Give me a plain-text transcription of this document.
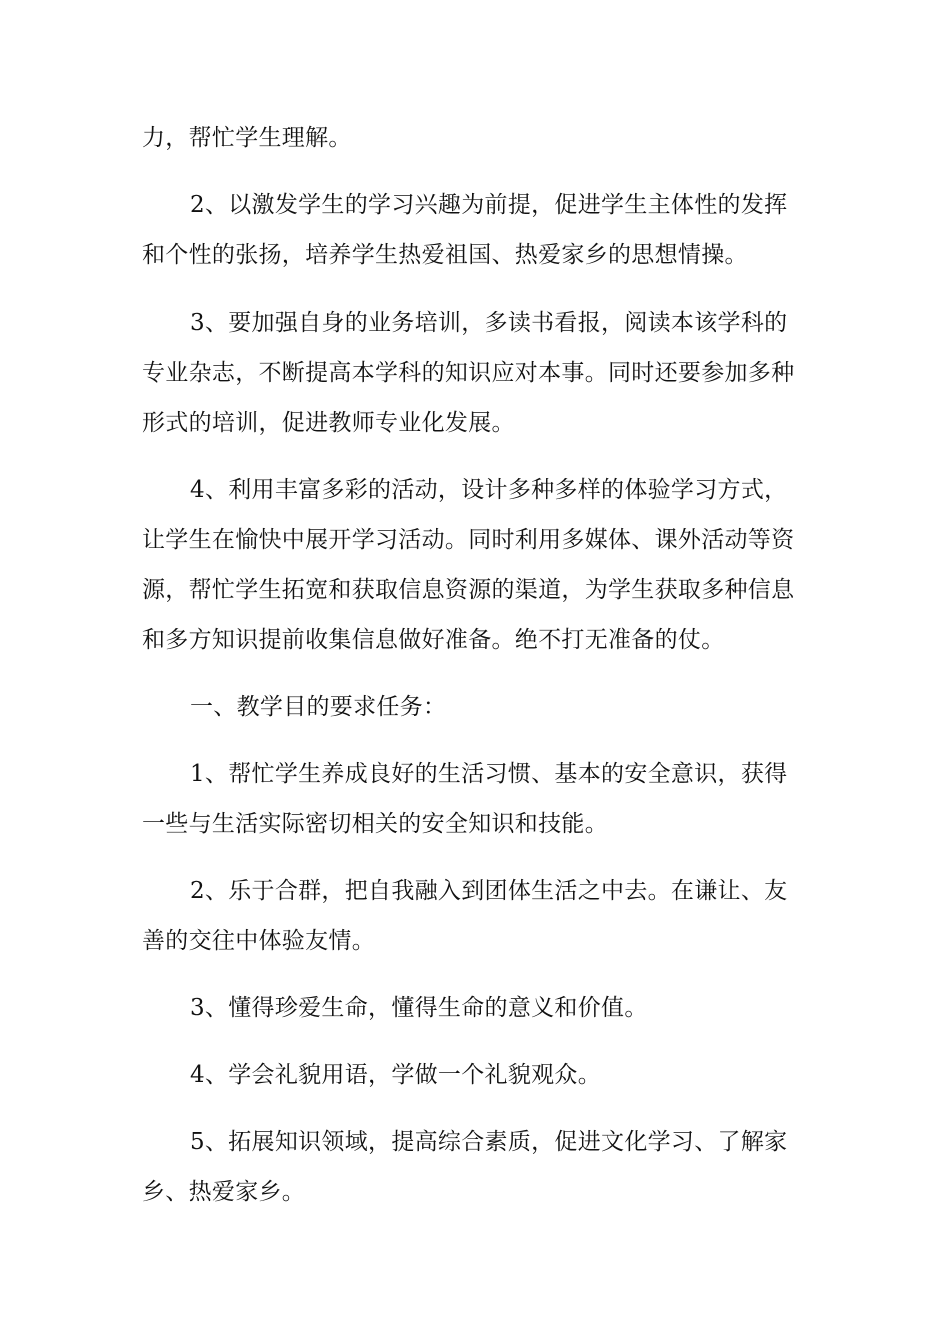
力，帮忙学生理解。
2、以激发学生的学习兴趣为前提，促进学生主体性的发挥
和个性的张扬，培养学生热爱祖国、热爱家乡的思想情操。
3、要加强自身的业务培训，多读书看报，阅读本该学科的
专业杂志，不断提高本学科的知识应对本事。同时还要参加多种
形式的培训，促进教师专业化发展。
4、利用丰富多彩的活动，设计多种多样的体验学习方式，
让学生在愉快中展开学习活动。同时利用多媒体、课外活动等资
源，帮忙学生拓宽和获取信息资源的渠道，为学生获取多种信息
和多方知识提前收集信息做好准备。绝不打无准备的仗。
一、教学目的要求任务：
1、帮忙学生养成良好的生活习惯、基本的安全意识，获得
一些与生活实际密切相关的安全知识和技能。
2、乐于合群，把自我融入到团体生活之中去。在谦让、友
善的交往中体验友情。
3、懂得珍爱生命，懂得生命的意义和价值。
4、学会礼貌用语，学做一个礼貌观众。
5、拓展知识领域，提高综合素质，促进文化学习、了解家
乡、热爱家乡。
